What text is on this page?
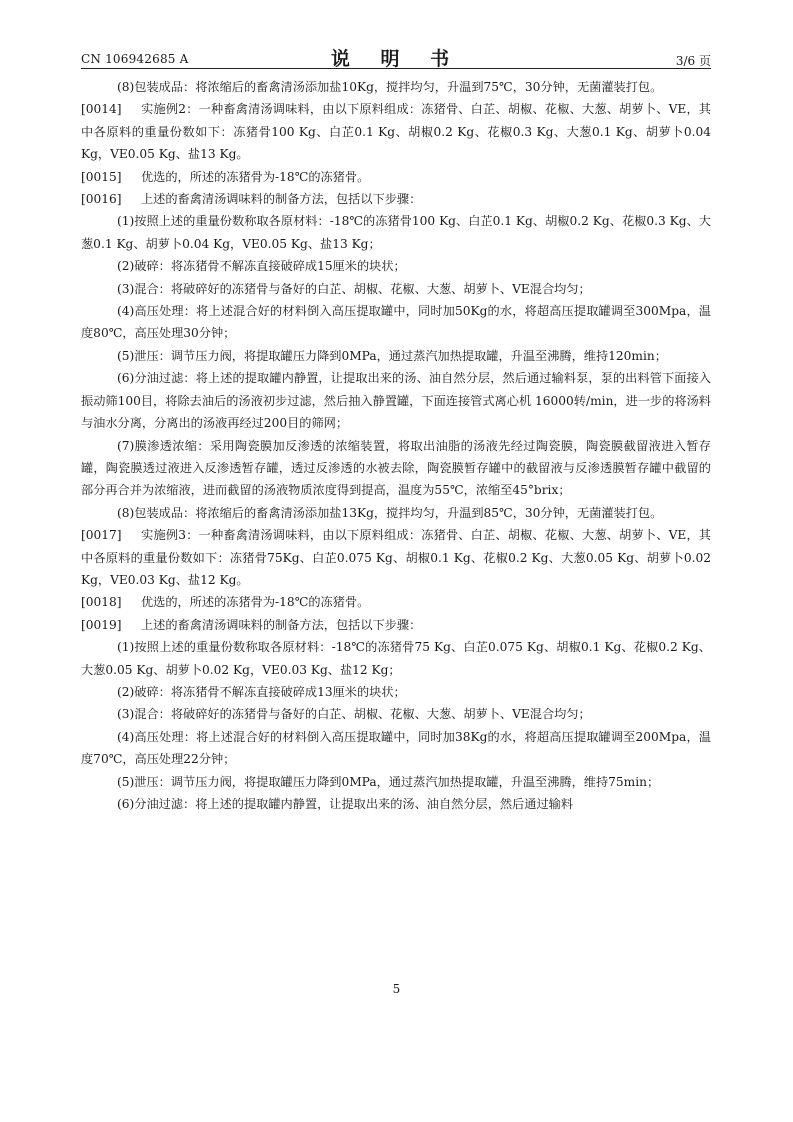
CN 106942685 A	说 明 书	3/6 页

(8)包装成品：将浓缩后的畜禽清汤添加盐10Kg，搅拌均匀，升温到75℃，30分钟，无菌灌装打包。

[0014] 实施例2：一种畜禽清汤调味料，由以下原料组成：冻猪骨、白芷、胡椒、花椒、大葱、胡萝卜、VE，其中各原料的重量份数如下：冻猪骨100 Kg、白芷0.1 Kg、胡椒0.2 Kg、花椒0.3 Kg、大葱0.1 Kg、胡萝卜0.04 Kg，VE0.05 Kg、盐13 Kg。

[0015] 优选的，所述的冻猪骨为-18℃的冻猪骨。

[0016] 上述的畜禽清汤调味料的制备方法，包括以下步骤：

(1)按照上述的重量份数称取各原材料：-18℃的冻猪骨100 Kg、白芷0.1 Kg、胡椒0.2 Kg、花椒0.3 Kg、大葱0.1 Kg、胡萝卜0.04 Kg，VE0.05 Kg、盐13 Kg；

(2)破碎：将冻猪骨不解冻直接破碎成15厘米的块状；

(3)混合：将破碎好的冻猪骨与备好的白芷、胡椒、花椒、大葱、胡萝卜、VE混合均匀；

(4)高压处理：将上述混合好的材料倒入高压提取罐中，同时加50Kg的水，将超高压提取罐调至300Mpa，温度80℃，高压处理30分钟；

(5)泄压：调节压力阀，将提取罐压力降到0MPa，通过蒸汽加热提取罐，升温至沸腾，维持120min；

(6)分油过滤：将上述的提取罐内静置，让提取出来的汤、油自然分层，然后通过输料泵，泵的出料管下面接入振动筛100目，将除去油后的汤液初步过滤，然后抽入静置罐，下面连接管式离心机 16000转/min，进一步的将汤料与油水分离，分离出的汤液再经过200目的筛网；

(7)膜渗透浓缩：采用陶瓷膜加反渗透的浓缩装置，将取出油脂的汤液先经过陶瓷膜，陶瓷膜截留液进入暂存罐，陶瓷膜透过液进入反渗透暂存罐，透过反渗透的水被去除，陶瓷膜暂存罐中的截留液与反渗透膜暂存罐中截留的部分再合并为浓缩液，进而截留的汤液物质浓度得到提高，温度为55℃，浓缩至45°brix；

(8)包装成品：将浓缩后的畜禽清汤添加盐13Kg，搅拌均匀，升温到85℃，30分钟，无菌灌装打包。

[0017] 实施例3：一种畜禽清汤调味料，由以下原料组成：冻猪骨、白芷、胡椒、花椒、大葱、胡萝卜、VE，其中各原料的重量份数如下：冻猪骨75Kg、白芷0.075 Kg、胡椒0.1 Kg、花椒0.2 Kg、大葱0.05 Kg、胡萝卜0.02 Kg，VE0.03 Kg、盐12 Kg。

[0018] 优选的，所述的冻猪骨为-18℃的冻猪骨。

[0019] 上述的畜禽清汤调味料的制备方法，包括以下步骤：

(1)按照上述的重量份数称取各原材料：-18℃的冻猪骨75 Kg、白芷0.075 Kg、胡椒0.1 Kg、花椒0.2 Kg、大葱0.05 Kg、胡萝卜0.02 Kg，VE0.03 Kg、盐12 Kg；

(2)破碎：将冻猪骨不解冻直接破碎成13厘米的块状；

(3)混合：将破碎好的冻猪骨与备好的白芷、胡椒、花椒、大葱、胡萝卜、VE混合均匀；

(4)高压处理：将上述混合好的材料倒入高压提取罐中，同时加38Kg的水，将超高压提取罐调至200Mpa，温度70℃，高压处理22分钟；

(5)泄压：调节压力阀，将提取罐压力降到0MPa，通过蒸汽加热提取罐，升温至沸腾，维持75min；

(6)分油过滤：将上述的提取罐内静置，让提取出来的汤、油自然分层，然后通过输料

5
